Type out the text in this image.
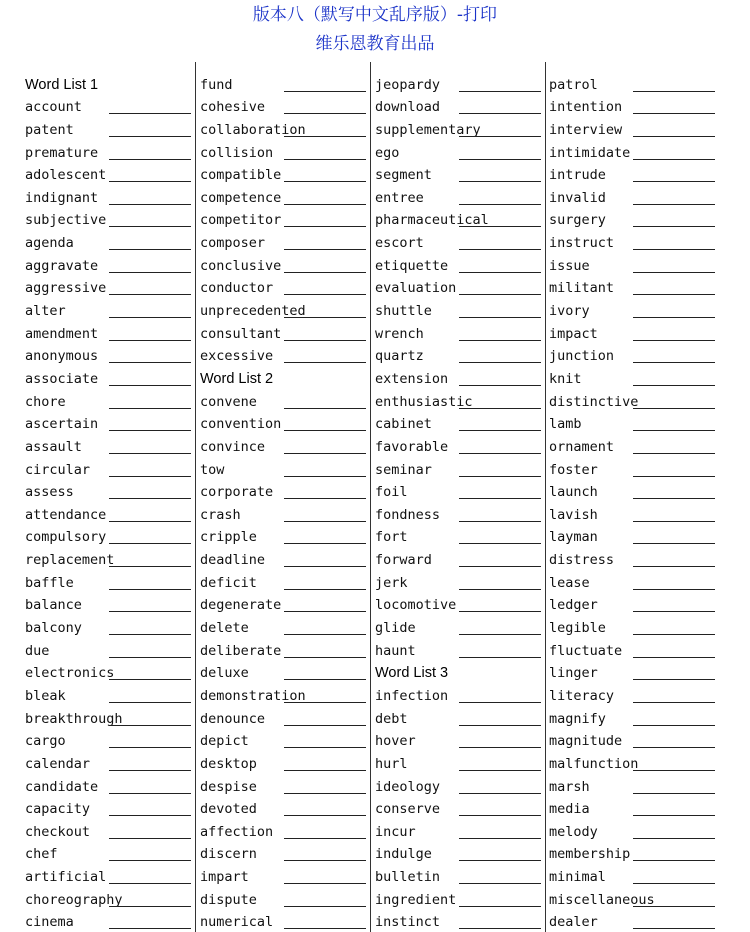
版本八（默写中文乱序版）-打印
维乐恩教育出品
Word List 1
account
patent
premature
adolescent
indignant
subjective
agenda
aggravate
aggressive
alter
amendment
anonymous
associate
chore
ascertain
assault
circular
assess
attendance
compulsory
replacement
baffle
balance
balcony
due
electronics
bleak
breakthrough
cargo
calendar
candidate
capacity
checkout
chef
artificial
choreography
cinema
fund
cohesive
collaboration
collision
compatible
competence
competitor
composer
conclusive
conductor
unprecedented
consultant
excessive
Word List 2
convene
convention
convince
tow
corporate
crash
cripple
deadline
deficit
degenerate
delete
deliberate
deluxe
demonstration
denounce
depict
desktop
despise
devoted
affection
discern
impart
dispute
numerical
jeopardy
download
supplementary
ego
segment
entree
pharmaceutical
escort
etiquette
evaluation
shuttle
wrench
quartz
extension
enthusiastic
cabinet
favorable
seminar
foil
fondness
fort
forward
jerk
locomotive
glide
haunt
Word List 3
infection
debt
hover
hurl
ideology
conserve
incur
indulge
bulletin
ingredient
instinct
patrol
intention
interview
intimidate
intrude
invalid
surgery
instruct
issue
militant
ivory
impact
junction
knit
distinctive
lamb
ornament
foster
launch
lavish
layman
distress
lease
ledger
legible
fluctuate
linger
literacy
magnify
magnitude
malfunction
marsh
media
melody
membership
minimal
miscellaneous
dealer
